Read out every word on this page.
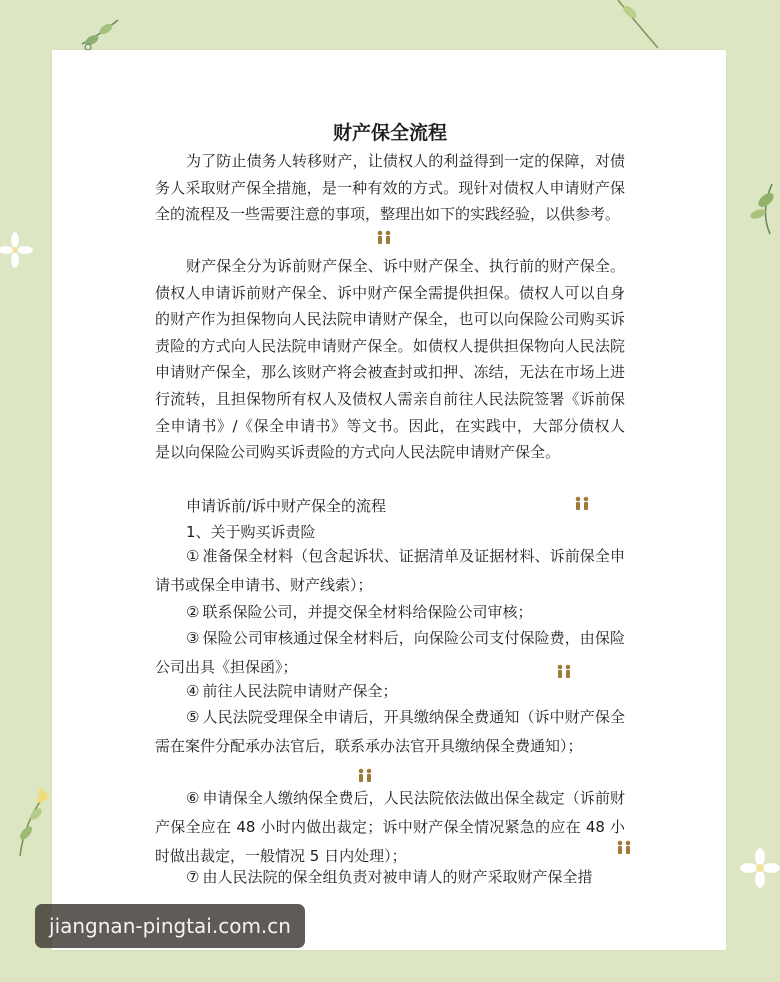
财产保全流程

为了防止债务人转移财产，让债权人的利益得到一定的保障，对债务人采取财产保全措施，是一种有效的方式。现针对债权人申请财产保全的流程及一些需要注意的事项，整理出如下的实践经验，以供参考。

财产保全分为诉前财产保全、诉中财产保全、执行前的财产保全。债权人申请诉前财产保全、诉中财产保全需提供担保。债权人可以自身的财产作为担保物向人民法院申请财产保全，也可以向保险公司购买诉责险的方式向人民法院申请财产保全。如债权人提供担保物向人民法院申请财产保全，那么该财产将会被查封或扣押、冻结，无法在市场上进行流转，且担保物所有权人及债权人需亲自前往人民法院签署《诉前保全申请书》/《保全申请书》等文书。因此，在实践中，大部分债权人是以向保险公司购买诉责险的方式向人民法院申请财产保全。

申请诉前/诉中财产保全的流程

1、关于购买诉责险

① 准备保全材料（包含起诉状、证据清单及证据材料、诉前保全申请书或保全申请书、财产线索）；

② 联系保险公司，并提交保全材料给保险公司审核；

③ 保险公司审核通过保全材料后，向保险公司支付保险费，由保险公司出具《担保函》；

④ 前往人民法院申请财产保全；

⑤ 人民法院受理保全申请后，开具缴纳保全费通知（诉中财产保全需在案件分配承办法官后，联系承办法官开具缴纳保全费通知）；

⑥ 申请保全人缴纳保全费后，人民法院依法做出保全裁定（诉前财产保全应在 48 小时内做出裁定；诉中财产保全情况紧急的应在 48 小时做出裁定，一般情况 5 日内处理）；

⑦ 由人民法院的保全组负责对被申请人的财产采取财产保全措

jiangnan-pingtai.com.cn
